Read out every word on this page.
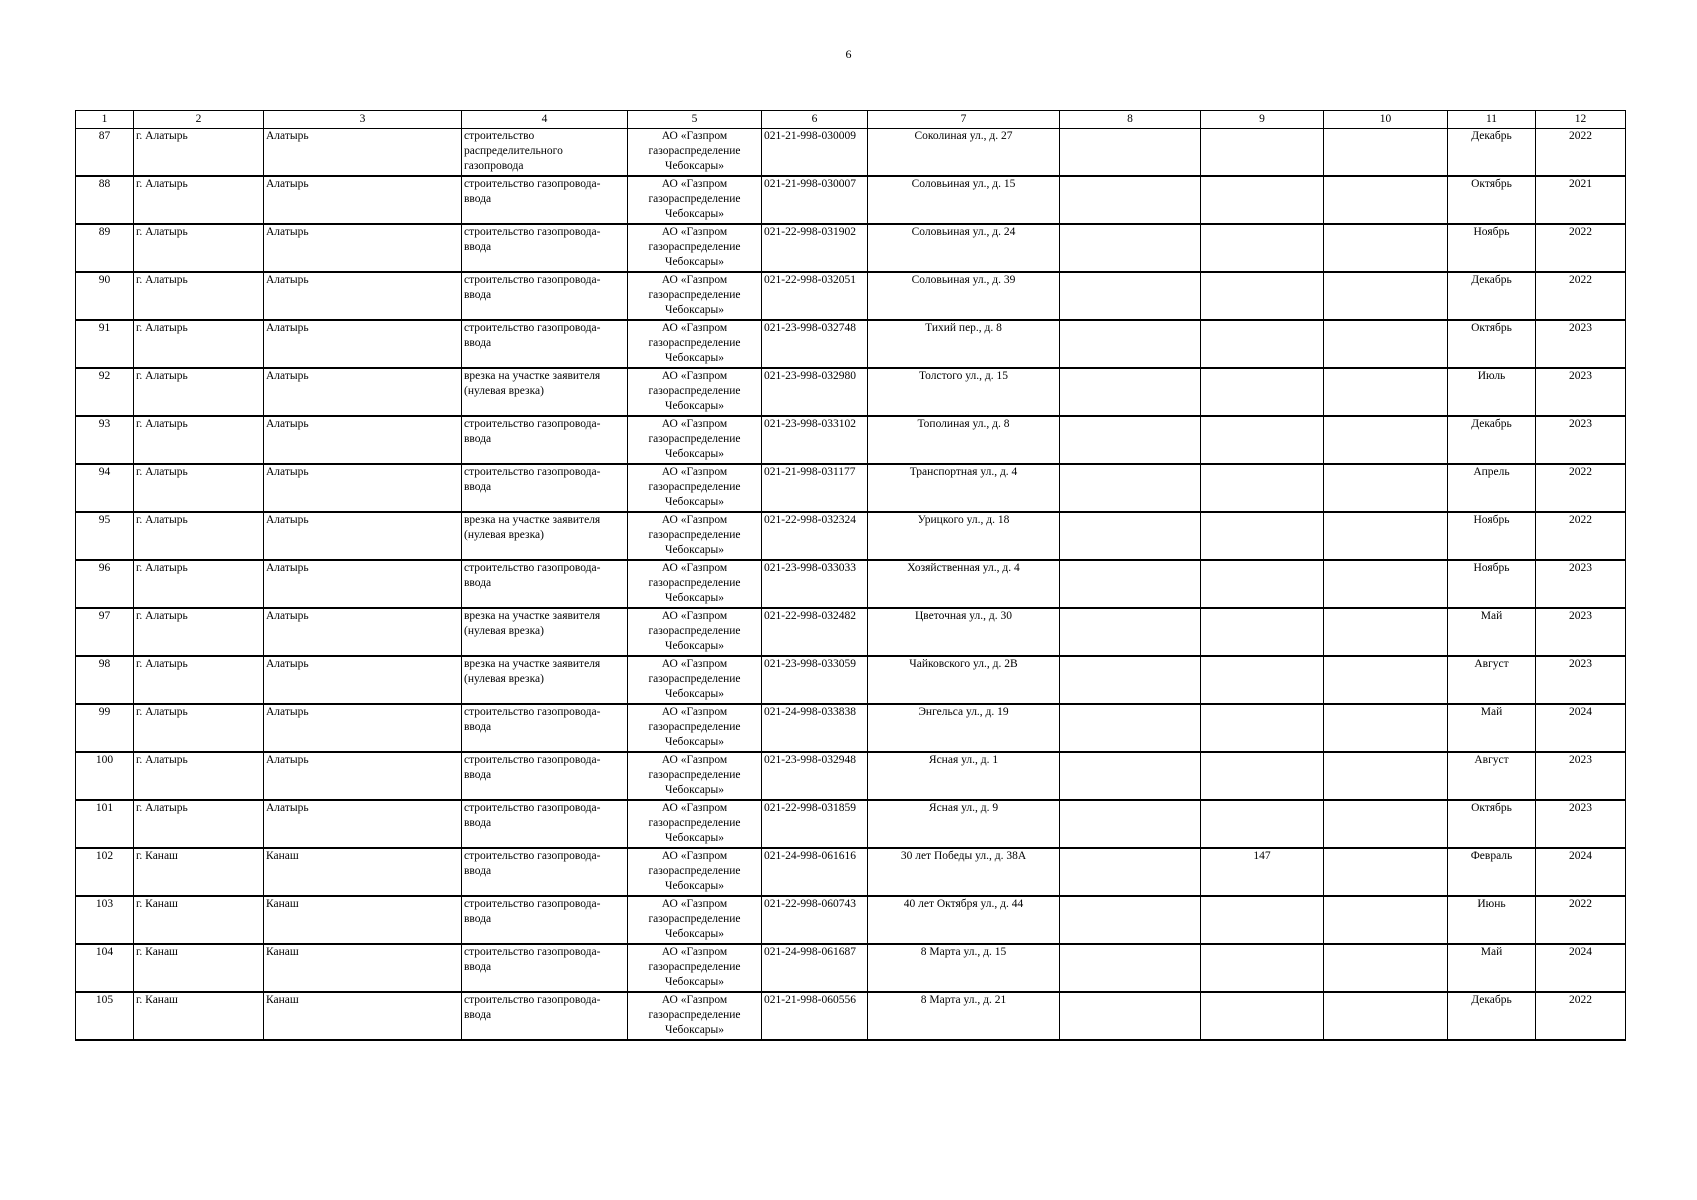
6
1	2	3	4	5	6	7	8	9	10	11	12
87	г. Алатырь	Алатырь	строительство распределительного газопровода	АО «Газпром газораспределение Чебоксары»	021-21-998-030009	Соколиная ул., д. 27				Декабрь	2022
88	г. Алатырь	Алатырь	строительство газопровода-ввода	АО «Газпром газораспределение Чебоксары»	021-21-998-030007	Соловьиная ул., д. 15				Октябрь	2021
89	г. Алатырь	Алатырь	строительство газопровода-ввода	АО «Газпром газораспределение Чебоксары»	021-22-998-031902	Соловьиная ул., д. 24				Ноябрь	2022
90	г. Алатырь	Алатырь	строительство газопровода-ввода	АО «Газпром газораспределение Чебоксары»	021-22-998-032051	Соловьиная ул., д. 39				Декабрь	2022
91	г. Алатырь	Алатырь	строительство газопровода-ввода	АО «Газпром газораспределение Чебоксары»	021-23-998-032748	Тихий пер., д. 8				Октябрь	2023
92	г. Алатырь	Алатырь	врезка на участке заявителя (нулевая врезка)	АО «Газпром газораспределение Чебоксары»	021-23-998-032980	Толстого ул., д. 15				Июль	2023
93	г. Алатырь	Алатырь	строительство газопровода-ввода	АО «Газпром газораспределение Чебоксары»	021-23-998-033102	Тополиная ул., д. 8				Декабрь	2023
94	г. Алатырь	Алатырь	строительство газопровода-ввода	АО «Газпром газораспределение Чебоксары»	021-21-998-031177	Транспортная ул., д. 4				Апрель	2022
95	г. Алатырь	Алатырь	врезка на участке заявителя (нулевая врезка)	АО «Газпром газораспределение Чебоксары»	021-22-998-032324	Урицкого ул., д. 18				Ноябрь	2022
96	г. Алатырь	Алатырь	строительство газопровода-ввода	АО «Газпром газораспределение Чебоксары»	021-23-998-033033	Хозяйственная ул., д. 4				Ноябрь	2023
97	г. Алатырь	Алатырь	врезка на участке заявителя (нулевая врезка)	АО «Газпром газораспределение Чебоксары»	021-22-998-032482	Цветочная ул., д. 30				Май	2023
98	г. Алатырь	Алатырь	врезка на участке заявителя (нулевая врезка)	АО «Газпром газораспределение Чебоксары»	021-23-998-033059	Чайковского ул., д. 2В				Август	2023
99	г. Алатырь	Алатырь	строительство газопровода-ввода	АО «Газпром газораспределение Чебоксары»	021-24-998-033838	Энгельса ул., д. 19				Май	2024
100	г. Алатырь	Алатырь	строительство газопровода-ввода	АО «Газпром газораспределение Чебоксары»	021-23-998-032948	Ясная ул., д. 1				Август	2023
101	г. Алатырь	Алатырь	строительство газопровода-ввода	АО «Газпром газораспределение Чебоксары»	021-22-998-031859	Ясная ул., д. 9				Октябрь	2023
102	г. Канаш	Канаш	строительство газопровода-ввода	АО «Газпром газораспределение Чебоксары»	021-24-998-061616	30 лет Победы ул., д. 38А		147		Февраль	2024
103	г. Канаш	Канаш	строительство газопровода-ввода	АО «Газпром газораспределение Чебоксары»	021-22-998-060743	40 лет Октября ул., д. 44				Июнь	2022
104	г. Канаш	Канаш	строительство газопровода-ввода	АО «Газпром газораспределение Чебоксары»	021-24-998-061687	8 Марта ул., д. 15				Май	2024
105	г. Канаш	Канаш	строительство газопровода-ввода	АО «Газпром газораспределение Чебоксары»	021-21-998-060556	8 Марта ул., д. 21				Декабрь	2022
